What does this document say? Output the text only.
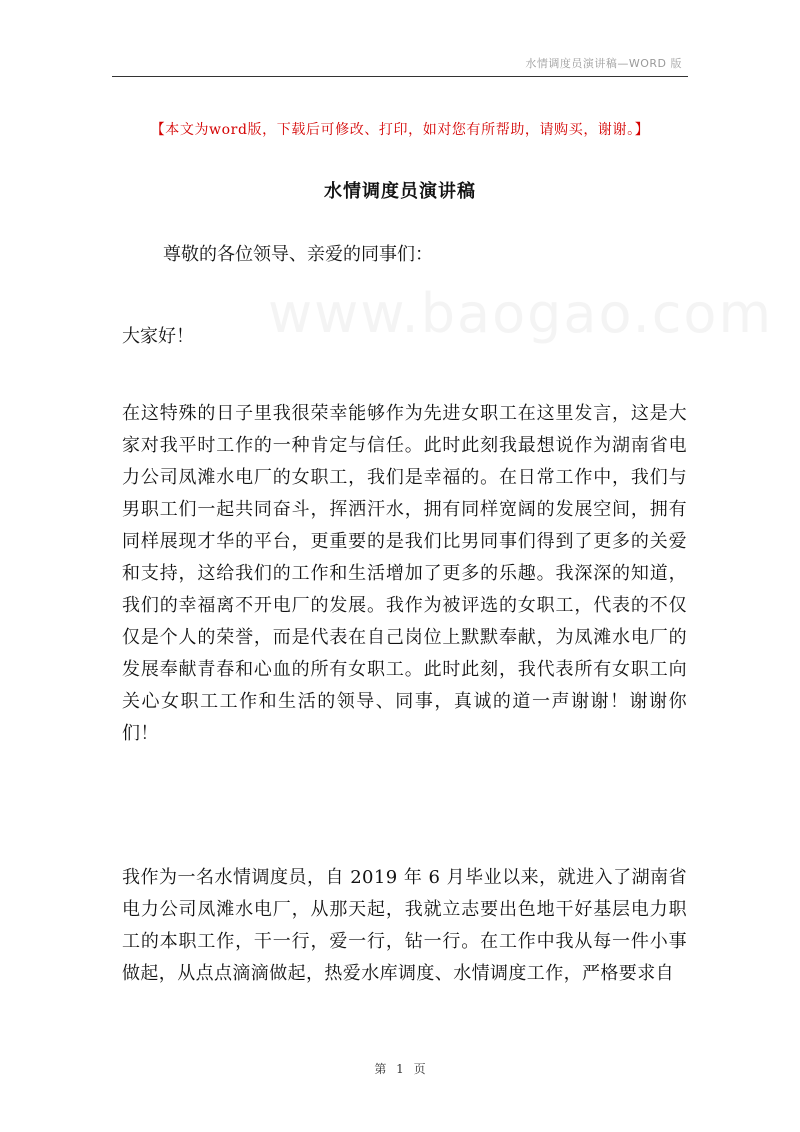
水情调度员演讲稿—WORD 版
【本文为word版，下载后可修改、打印，如对您有所帮助，请购买，谢谢。】
水情调度员演讲稿
尊敬的各位领导、亲爱的同事们：
大家好！ www.baogao.com

在这特殊的日子里我很荣幸能够作为先进女职工在这里发言，这是大家对我平时工作的一种肯定与信任。此时此刻我最想说作为湖南省电力公司凤滩水电厂的女职工，我们是幸福的。在日常工作中，我们与男职工们一起共同奋斗，挥洒汗水，拥有同样宽阔的发展空间，拥有同样展现才华的平台，更重要的是我们比男同事们得到了更多的关爱和支持，这给我们的工作和生活增加了更多的乐趣。我深深的知道，我们的幸福离不开电厂的发展。我作为被评选的女职工，代表的不仅仅是个人的荣誉，而是代表在自己岗位上默默奉献，为凤滩水电厂的发展奉献青春和心血的所有女职工。此时此刻，我代表所有女职工向关心女职工工作和生活的领导、同事，真诚的道一声谢谢！谢谢你们！

我作为一名水情调度员，自 2019 年 6 月毕业以来，就进入了湖南省电力公司凤滩水电厂，从那天起，我就立志要出色地干好基层电力职工的本职工作，干一行，爱一行，钻一行。在工作中我从每一件小事做起，从点点滴滴做起，热爱水库调度、水情调度工作，严格要求自

第 1 页
